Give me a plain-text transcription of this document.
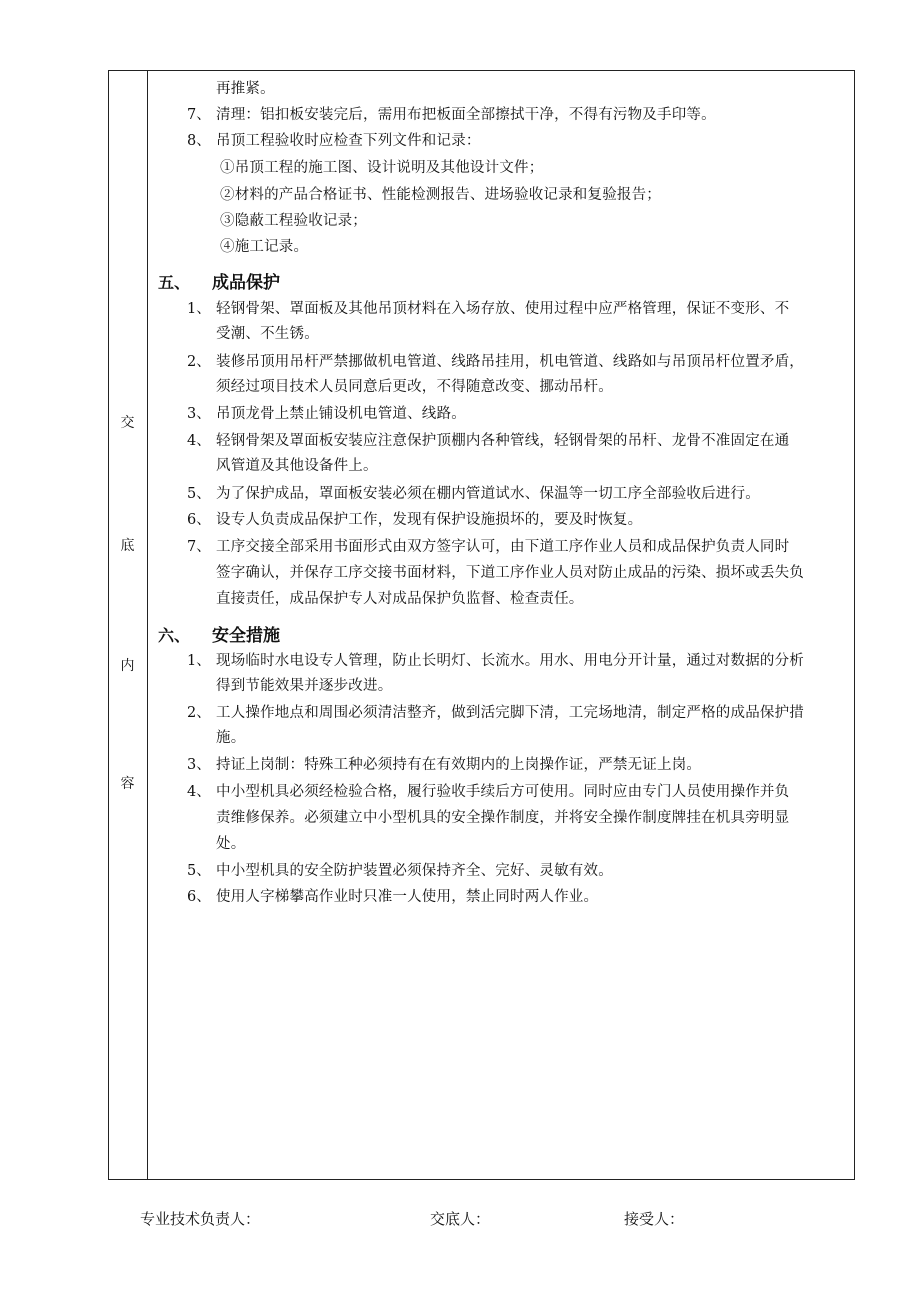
交
底
内
容
再推紧。
7、 清理：铝扣板安装完后，需用布把板面全部擦拭干净，不得有污物及手印等。
8、 吊顶工程验收时应检查下列文件和记录：
①吊顶工程的施工图、设计说明及其他设计文件；
②材料的产品合格证书、性能检测报告、进场验收记录和复验报告；
③隐蔽工程验收记录；
④施工记录。
五、 成品保护
1、 轻钢骨架、罩面板及其他吊顶材料在入场存放、使用过程中应严格管理，保证不变形、不
受潮、不生锈。
2、 装修吊顶用吊杆严禁挪做机电管道、线路吊挂用，机电管道、线路如与吊顶吊杆位置矛盾，
须经过项目技术人员同意后更改，不得随意改变、挪动吊杆。
3、 吊顶龙骨上禁止铺设机电管道、线路。
4、 轻钢骨架及罩面板安装应注意保护顶棚内各种管线，轻钢骨架的吊杆、龙骨不准固定在通
风管道及其他设备件上。
5、 为了保护成品，罩面板安装必须在棚内管道试水、保温等一切工序全部验收后进行。
6、 设专人负责成品保护工作，发现有保护设施损坏的，要及时恢复。
7、 工序交接全部采用书面形式由双方签字认可，由下道工序作业人员和成品保护负责人同时
签字确认，并保存工序交接书面材料，下道工序作业人员对防止成品的污染、损坏或丢失负
直接责任，成品保护专人对成品保护负监督、检查责任。
六、 安全措施
1、 现场临时水电设专人管理，防止长明灯、长流水。用水、用电分开计量，通过对数据的分析
得到节能效果并逐步改进。
2、 工人操作地点和周围必须清洁整齐，做到活完脚下清，工完场地清，制定严格的成品保护措
施。
3、 持证上岗制：特殊工种必须持有在有效期内的上岗操作证，严禁无证上岗。
4、 中小型机具必须经检验合格，履行验收手续后方可使用。同时应由专门人员使用操作并负
责维修保养。必须建立中小型机具的安全操作制度，并将安全操作制度牌挂在机具旁明显
处。
5、 中小型机具的安全防护装置必须保持齐全、完好、灵敏有效。
6、 使用人字梯攀高作业时只准一人使用，禁止同时两人作业。
专业技术负责人：	交底人：	接受人：
